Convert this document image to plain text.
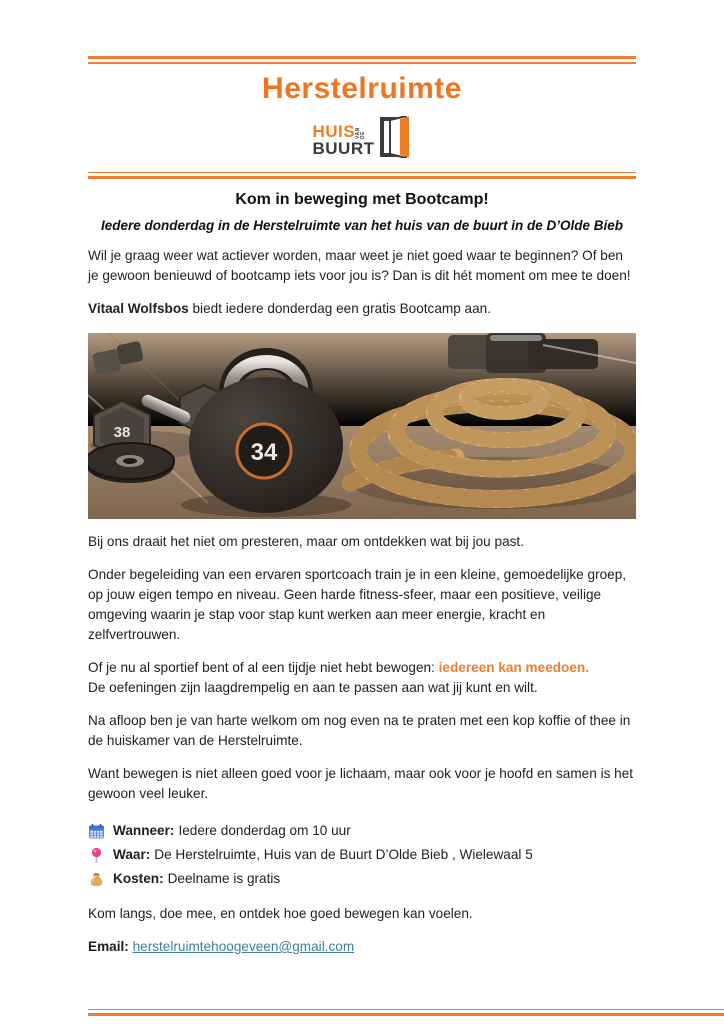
Herstelruimte
HUIS VAN DE
BUURT
Kom in beweging met Bootcamp!
Iedere donderdag in de Herstelruimte van het huis van de buurt in de D’Olde Bieb

Wil je graag weer wat actiever worden, maar weet je niet goed waar te beginnen? Of ben je gewoon benieuwd of bootcamp iets voor jou is? Dan is dit hét moment om mee te doen!

Vitaal Wolfsbos biedt iedere donderdag een gratis Bootcamp aan.

38
34

Bij ons draait het niet om presteren, maar om ontdekken wat bij jou past.

Onder begeleiding van een ervaren sportcoach train je in een kleine, gemoedelijke groep, op jouw eigen tempo en niveau. Geen harde fitness-sfeer, maar een positieve, veilige omgeving waarin je stap voor stap kunt werken aan meer energie, kracht en zelfvertrouwen.

Of je nu al sportief bent of al een tijdje niet hebt bewogen: iedereen kan meedoen.
De oefeningen zijn laagdrempelig en aan te passen aan wat jij kunt en wilt.

Na afloop ben je van harte welkom om nog even na te praten met een kop koffie of thee in de huiskamer van de Herstelruimte.

Want bewegen is niet alleen goed voor je lichaam, maar ook voor je hoofd en samen is het gewoon veel leuker.

Wanneer: Iedere donderdag om 10 uur
Waar: De Herstelruimte, Huis van de Buurt D’Olde Bieb , Wielewaal 5
Kosten: Deelname is gratis

Kom langs, doe mee, en ontdek hoe goed bewegen kan voelen.

Email: herstelruimtehoogeveen@gmail.com
